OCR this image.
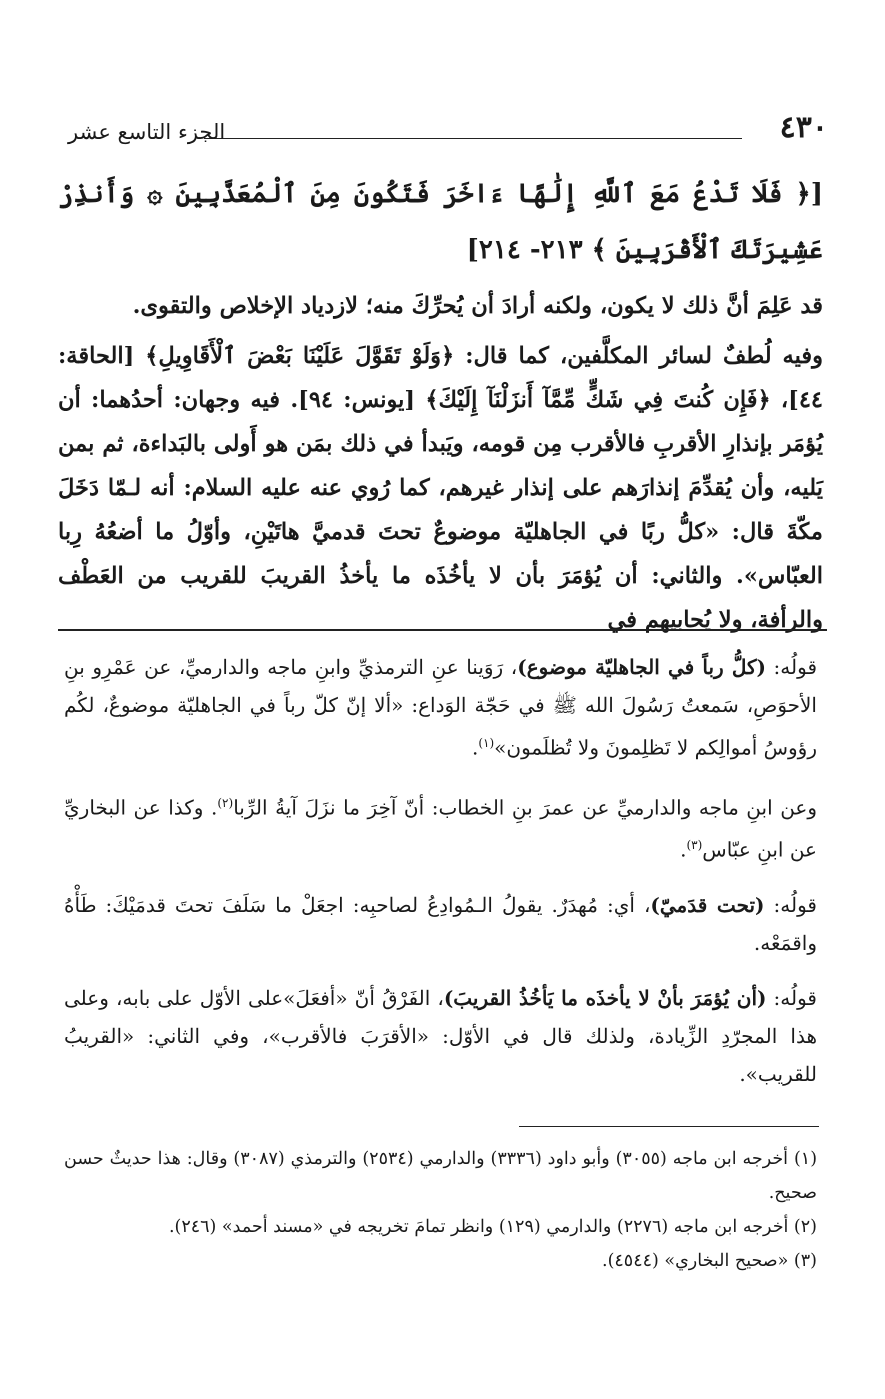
٤٣٠
الجزء التاسع عشر
[﴿ فَلَا تَدْعُ مَعَ ٱللَّهِ إِلَٰهًا ءَاخَرَ فَتَكُونَ مِنَ ٱلْمُعَذَّبِينَ ۞ وَأَنذِرْ عَشِيرَتَكَ ٱلْأَقْرَبِينَ ﴾ ٢١٣- ٢١٤]

قد عَلِمَ أنَّ ذلك لا يكون، ولكنه أرادَ أن يُحرِّكَ منه؛ لازدياد الإخلاص والتقوى.

وفيه لُطفٌ لسائر المكلَّفين، كما قال: ﴿وَلَوْ تَقَوَّلَ عَلَيْنَا بَعْضَ ٱلْأَقَاوِيلِ﴾ [الحاقة: ٤٤]، ﴿فَإِن كُنتَ فِي شَكٍّ مِّمَّآ أَنزَلْنَآ إِلَيْكَ﴾ [يونس: ٩٤]. فيه وجهان: أحدُهما: أن يُؤمَر بإنذارِ الأقربِ فالأقرب مِن قومه، ويَبدأ في ذلك بمَن هو أَولى بالبَداءة، ثم بمن يَليه، وأن يُقدِّمَ إنذارَهم على إنذار غيرهم، كما رُوي عنه عليه السلام: أنه لـمّا دَخَلَ مكّةَ قال: «كلُّ ربًا في الجاهليّة موضوعٌ تحتَ قدميَّ هاتَيْنِ، وأوّلُ ما أضعُهُ رِبا العبّاس». والثاني: أن يُؤمَرَ بأن لا يأخُذَه ما يأخذُ القريبَ للقريب من العَطْف والرأفة، ولا يُحابيهم في

قولُه: (كلُّ رباً في الجاهليّة موضوع)، رَوَينا عنِ الترمذيِّ وابنِ ماجه والدارميِّ، عن عَمْرِو بنِ الأحوَصِ، سَمعتُ رَسُولَ الله ﷺ في حَجّة الوَداع: «ألا إنّ كلّ رباً في الجاهليّة موضوعٌ، لكُم رؤوسُ أموالِكم لا تَظلِمونَ ولا تُظلَمون»$^{(١)}$.

وعن ابنِ ماجه والدارميِّ عن عمرَ بنِ الخطاب: أنّ آخِرَ ما نزَلَ آيةُ الرِّبا$^{(٢)}$. وكذا عن البخاريِّ عن ابنِ عبّاس$^{(٣)}$.

قولُه: (تحت قدَميّ)، أي: مُهدَرٌ. يقولُ الـمُوادِعُ لصاحبِه: اجعَلْ ما سَلَفَ تحتَ قدمَيْكَ: طَأْهُ واقمَعْه.

قولُه: (أن يُؤمَرَ بأنْ لا يأخذَه ما يَأخُذُ القريبَ)، الفَرْقُ أنّ «أفعَلَ»على الأوّل على بابه، وعلى هذا المجرّدِ الزِّيادة، ولذلك قال في الأوّل: «الأقرَبَ فالأقرب»، وفي الثاني: «القريبُ للقريب».

(١) أخرجه ابن ماجه (٣٠٥٥) وأبو داود (٣٣٣٦) والدارمي (٢٥٣٤) والترمذي (٣٠٨٧) وقال: هذا حديثٌ حسن صحيح.

(٢) أخرجه ابن ماجه (٢٢٧٦) والدارمي (١٢٩) وانظر تمامَ تخريجه في «مسند أحمد» (٢٤٦).

(٣) «صحيح البخاري» (٤٥٤٤).
